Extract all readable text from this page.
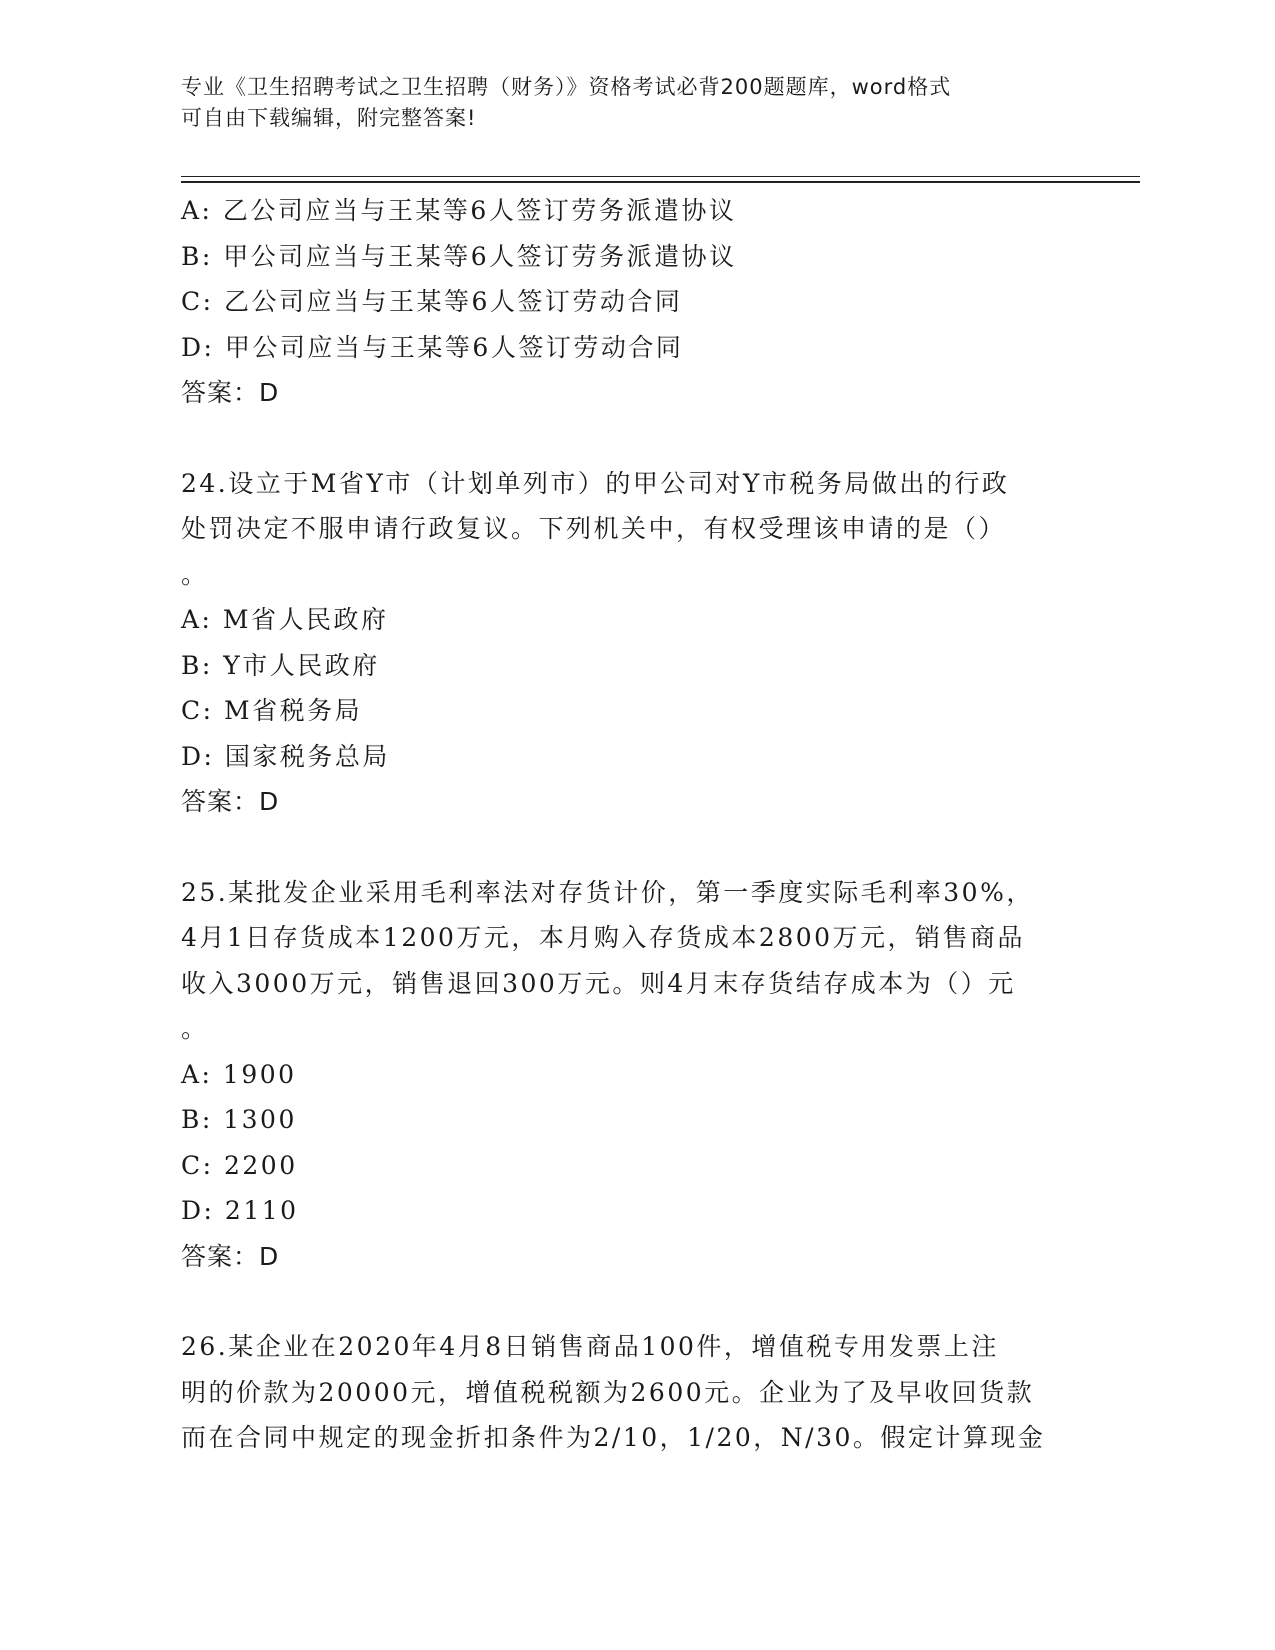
专业《卫生招聘考试之卫生招聘（财务）》资格考试必背200题题库，word格式

可自由下载编辑，附完整答案!

A: 乙公司应当与王某等6人签订劳务派遣协议
B: 甲公司应当与王某等6人签订劳务派遣协议
C: 乙公司应当与王某等6人签订劳动合同
D: 甲公司应当与王某等6人签订劳动合同
答案：D
24.设立于M省Y市（计划单列市）的甲公司对Y市税务局做出的行政
处罚决定不服申请行政复议。下列机关中，有权受理该申请的是（）
。
A: M省人民政府
B: Y市人民政府
C: M省税务局
D: 国家税务总局
答案：D
25.某批发企业采用毛利率法对存货计价，第一季度实际毛利率30%，
4月1日存货成本1200万元，本月购入存货成本2800万元，销售商品
收入3000万元，销售退回300万元。则4月末存货结存成本为（）元
。
A: 1900
B: 1300
C: 2200
D: 2110
答案：D
26.某企业在2020年4月8日销售商品100件，增值税专用发票上注
明的价款为20000元，增值税税额为2600元。企业为了及早收回货款
而在合同中规定的现金折扣条件为2/10，1/20，N/30。假定计算现金
